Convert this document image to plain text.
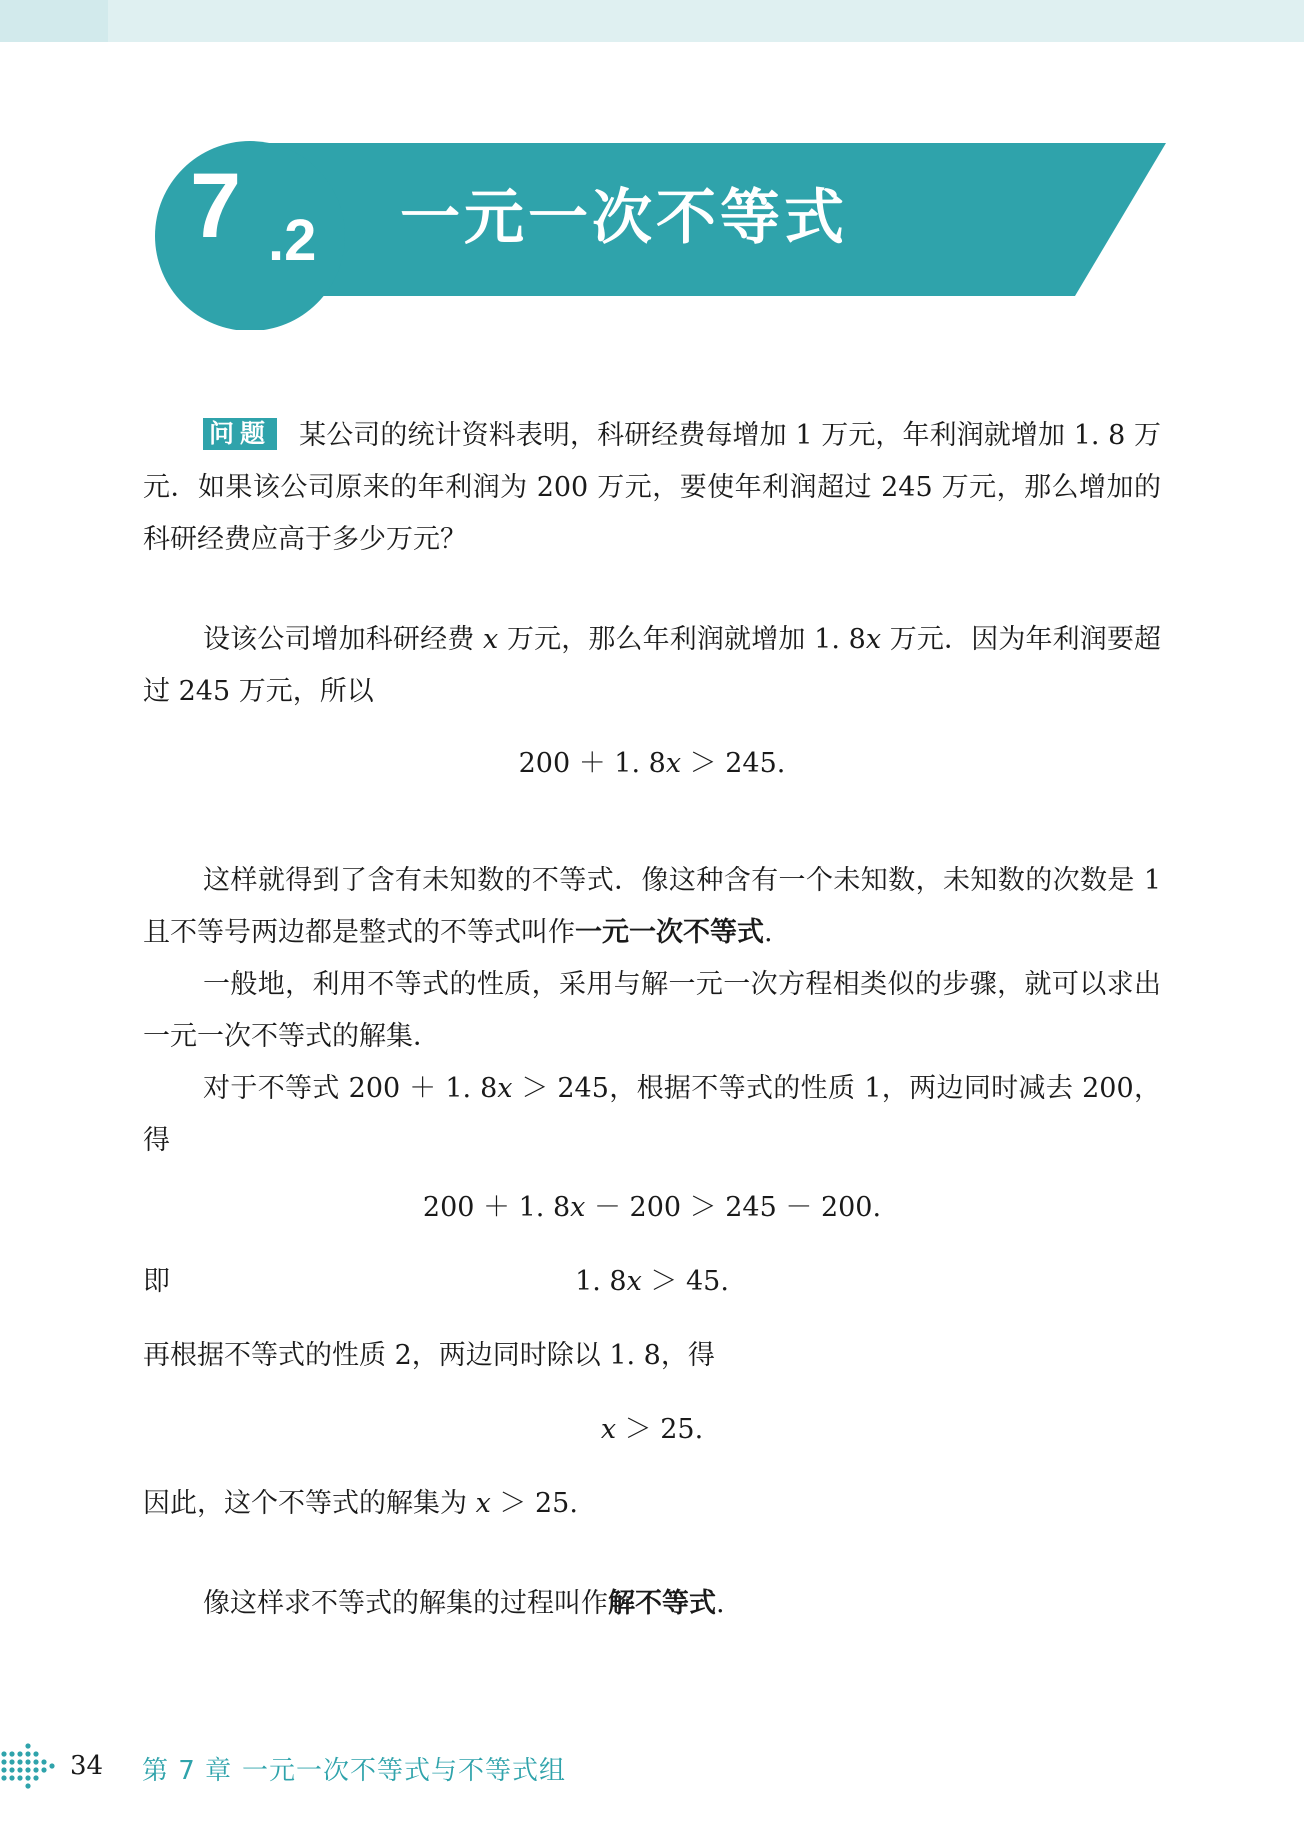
7 .2 一元一次不等式
问题 某公司的统计资料表明，科研经费每增加 1 万元，年利润就增加 1. 8 万元．如果该公司原来的年利润为 200 万元，要使年利润超过 245 万元，那么增加的科研经费应高于多少万元？
设该公司增加科研经费 x 万元，那么年利润就增加 1. 8x 万元．因为年利润要超过 245 万元，所以
200 ＋ 1. 8x ＞ 245.
这样就得到了含有未知数的不等式．像这种含有一个未知数，未知数的次数是 1 且不等号两边都是整式的不等式叫作一元一次不等式.
一般地，利用不等式的性质，采用与解一元一次方程相类似的步骤，就可以求出一元一次不等式的解集．
对于不等式 200 ＋ 1. 8x ＞ 245，根据不等式的性质 1，两边同时减去 200，得
200 ＋ 1. 8x － 200 ＞ 245 － 200.
即	1. 8x ＞ 45.
再根据不等式的性质 2，两边同时除以 1. 8，得
x ＞ 25.
因此，这个不等式的解集为 x ＞ 25.
像这样求不等式的解集的过程叫作解不等式.
34 第 7 章 一元一次不等式与不等式组
